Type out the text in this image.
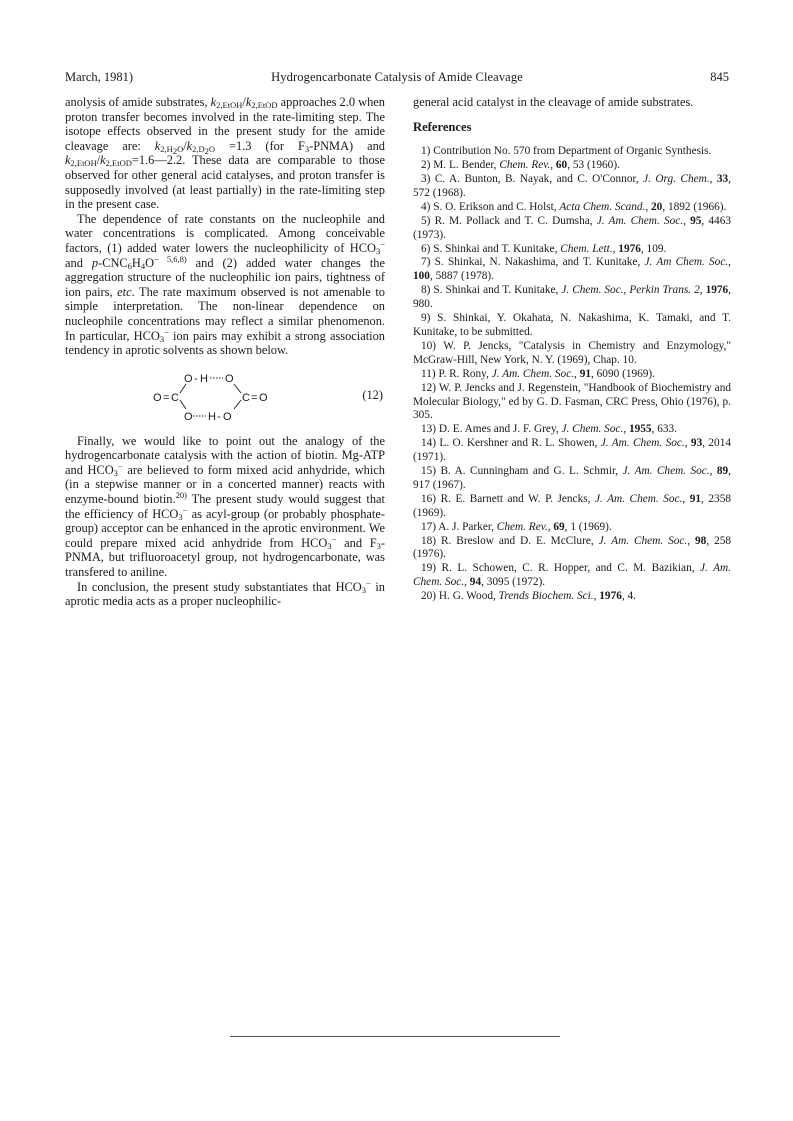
March, 1981)	Hydrogencarbonate Catalysis of Amide Cleavage	845

anolysis of amide substrates, $k_{2,EtOH}/k_{2,EtOD}$ approaches 2.0 when proton transfer becomes involved in the rate-limiting step. The isotope effects observed in the present study for the amide cleavage are: $k_{2,H_2O}/k_{2,D_2O} =1.3$ (for $F_3-PNMA$) and $k_{2,EtOH}/k_{2,EtOD}=1.6—2.2$. These data are comparable to those observed for other general acid catalyses, and proton transfer is supposedly involved (at least partially) in the rate-limiting step in the present case.

The dependence of rate constants on the nucleophile and water concentrations is complicated. Among conceivable factors, (1) added water lowers the nucleophilicity of $HCO_3^-$ and $p-CNC_6H_4O^{- 5,6,8)}$ and (2) added water changes the aggregation structure of the nucleophilic ion pairs, tightness of ion pairs, etc. The rate maximum observed is not amenable to simple interpretation. The non-linear dependence on nucleophile concentrations may reflect a similar phenomenon. In particular, $HCO_3^-$ ion pairs may exhibit a strong association tendency in aprotic solvents as shown below.

O - H O
O = C	C = O
O H - O
(12)

Finally, we would like to point out the analogy of the hydrogencarbonate catalysis with the action of biotin. Mg-ATP and $HCO_3^-$ are believed to form mixed acid anhydride, which (in a stepwise manner or in a concerted manner) reacts with enzyme-bound biotin.$^{20)}$ The present study would suggest that the efficiency of $HCO_3^-$ as acyl-group (or probably phosphate-group) acceptor can be enhanced in the aprotic environment. We could prepare mixed acid anhydride from $HCO_3^-$ and $F_3$-PNMA, but trifluoroacetyl group, not hydrogencarbonate, was transfered to aniline.

In conclusion, the present study substantiates that $HCO_3^-$ in aprotic media acts as a proper nucleophilic-

general acid catalyst in the cleavage of amide substrates.

References
1) Contribution No. 570 from Department of Organic Synthesis.
2) M. L. Bender, Chem. Rev., 60, 53 (1960).
3) C. A. Bunton, B. Nayak, and C. O'Connor, J. Org. Chem., 33, 572 (1968).
4) S. O. Erikson and C. Holst, Acta Chem. Scand., 20, 1892 (1966).
5) R. M. Pollack and T. C. Dumsha, J. Am. Chem. Soc., 95, 4463 (1973).
6) S. Shinkai and T. Kunitake, Chem. Lett., 1976, 109.
7) S. Shinkai, N. Nakashima, and T. Kunitake, J. Am Chem. Soc., 100, 5887 (1978).
8) S. Shinkai and T. Kunitake, J. Chem. Soc., Perkin Trans. 2, 1976, 980.
9) S. Shinkai, Y. Okahata, N. Nakashima, K. Tamaki, and T. Kunitake, to be submitted.
10) W. P. Jencks, "Catalysis in Chemistry and Enzymology," McGraw-Hill, New York, N. Y. (1969), Chap. 10.
11) P. R. Rony, J. Am. Chem. Soc., 91, 6090 (1969).
12) W. P. Jencks and J. Regenstein, "Handbook of Biochemistry and Molecular Biology," ed by G. D. Fasman, CRC Press, Ohio (1976), p. 305.
13) D. E. Ames and J. F. Grey, J. Chem. Soc., 1955, 633.
14) L. O. Kershner and R. L. Showen, J. Am. Chem. Soc., 93, 2014 (1971).
15) B. A. Cunningham and G. L. Schmir, J. Am. Chem. Soc., 89, 917 (1967).
16) R. E. Barnett and W. P. Jencks, J. Am. Chem. Soc., 91, 2358 (1969).
17) A. J. Parker, Chem. Rev., 69, 1 (1969).
18) R. Breslow and D. E. McClure, J. Am. Chem. Soc., 98, 258 (1976).
19) R. L. Schowen, C. R. Hopper, and C. M. Bazikian, J. Am. Chem. Soc., 94, 3095 (1972).
20) H. G. Wood, Trends Biochem. Sci., 1976, 4.
